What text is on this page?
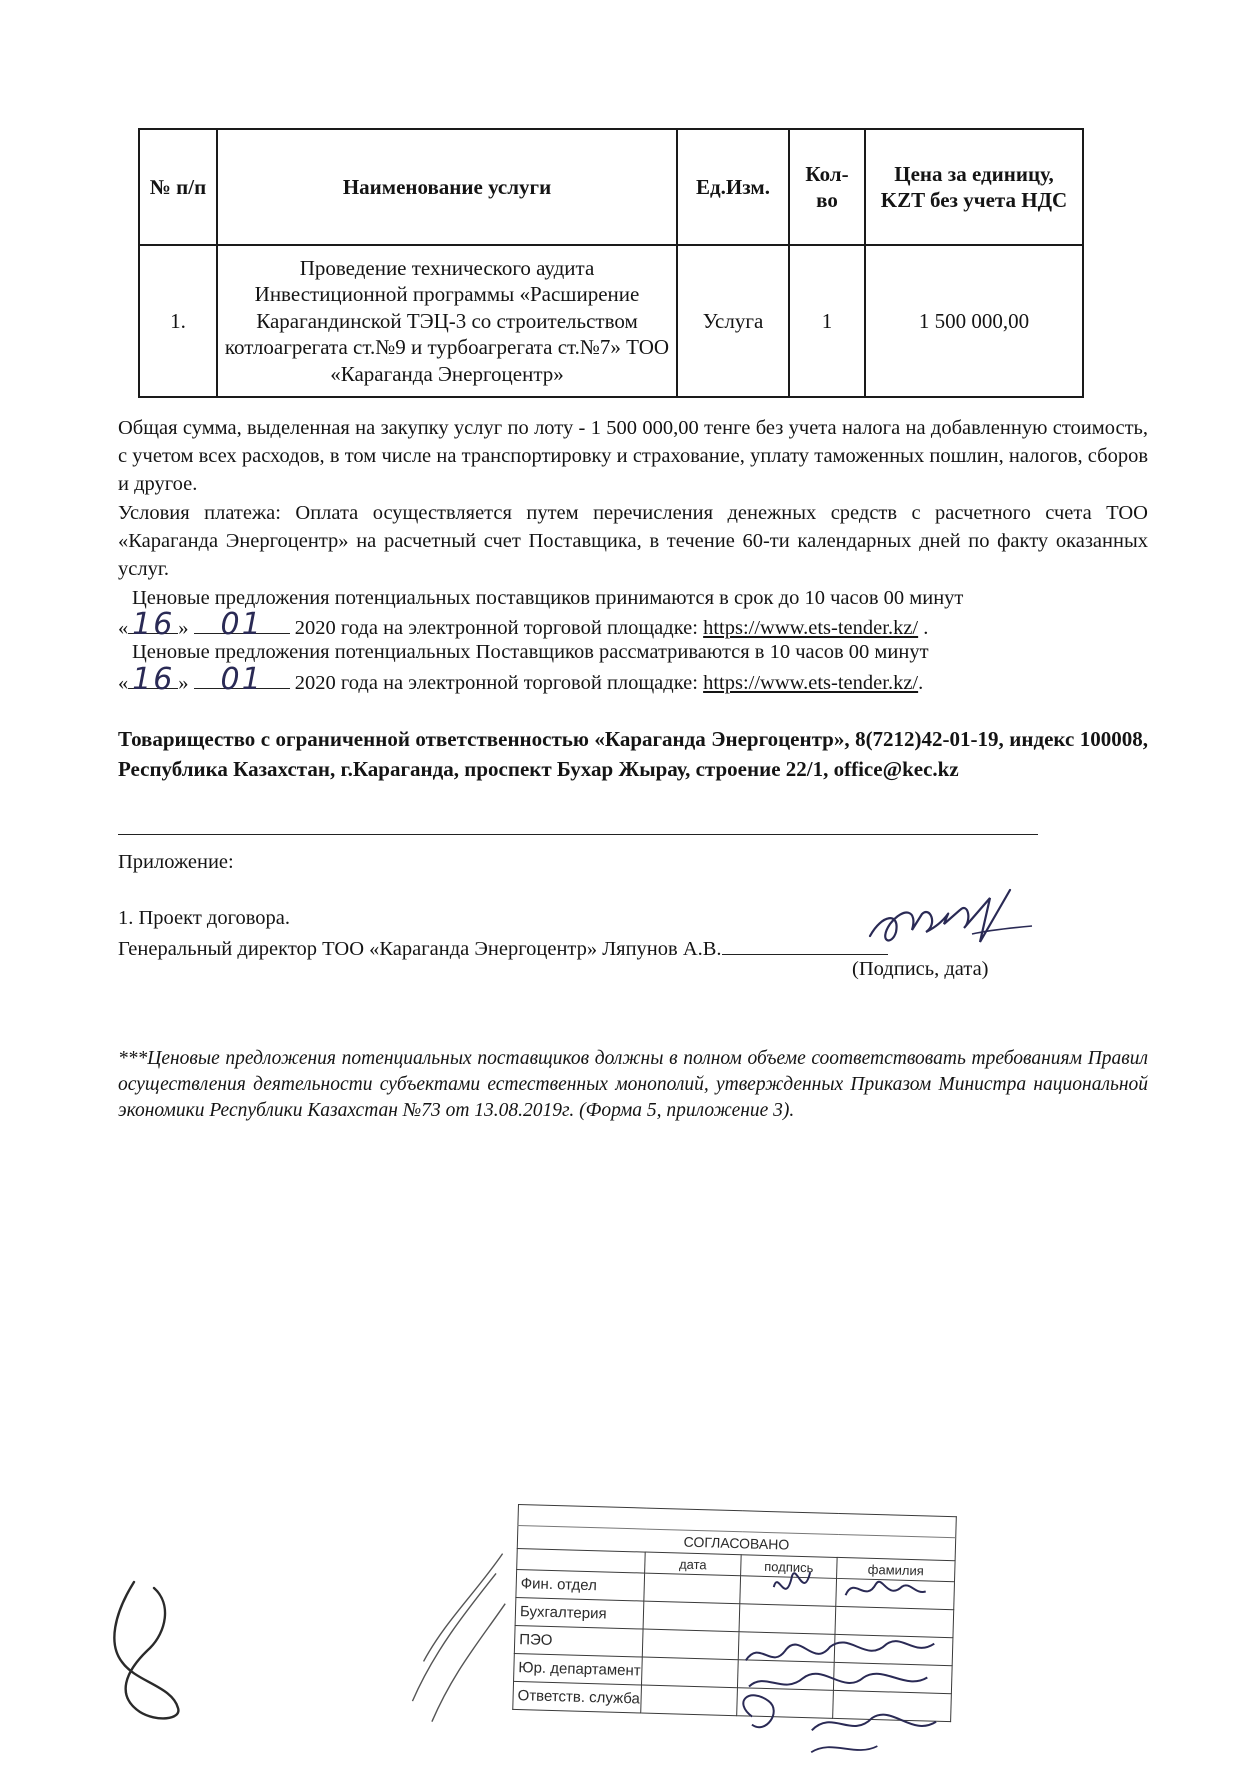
№ п/п	Наименование услуги	Ед.Изм.	Кол-во	Цена за единицу, KZT без учета НДС
1.	Проведение технического аудита Инвестиционной программы «Расширение Карагандинской ТЭЦ-3 со строительством котлоагрегата ст.№9 и турбоагрегата ст.№7» ТОО «Караганда Энергоцентр»	Услуга	1	1 500 000,00
Общая сумма, выделенная на закупку услуг по лоту - 1 500 000,00 тенге без учета налога на добавленную стоимость, с учетом всех расходов, в том числе на транспортировку и страхование, уплату таможенных пошлин, налогов, сборов и другое.
Условия платежа: Оплата осуществляется путем перечисления денежных средств с расчетного счета ТОО «Караганда Энергоцентр» на расчетный счет Поставщика, в течение 60-ти календарных дней по факту оказанных услуг.
Ценовые предложения потенциальных поставщиков принимаются в срок до 10 часов 00 минут
« 16 » 01 2020 года на электронной торговой площадке: https://www.ets-tender.kz/ .
Ценовые предложения потенциальных Поставщиков рассматриваются в 10 часов 00 минут
« 16 » 01 2020 года на электронной торговой площадке: https://www.ets-tender.kz/.
Товарищество с ограниченной ответственностью «Караганда Энергоцентр», 8(7212)42-01-19, индекс 100008, Республика Казахстан, г.Караганда, проспект Бухар Жырау, строение 22/1, office@kec.kz
Приложение:
1. Проект договора.
Генеральный директор ТОО «Караганда Энергоцентр» Ляпунов А.В.
(Подпись, дата)
***Ценовые предложения потенциальных поставщиков должны в полном объеме соответствовать требованиям Правил осуществления деятельности субъектами естественных монополий, утвержденных Приказом Министра национальной экономики Республики Казахстан №73 от 13.08.2019г. (Форма 5, приложение 3).

СОГЛАСОВАНО			
	дата	подпись	фамилия
Фин. отдел			
Бухгалтерия			
ПЭО			
Юр. департамент			
Ответств. служба			
